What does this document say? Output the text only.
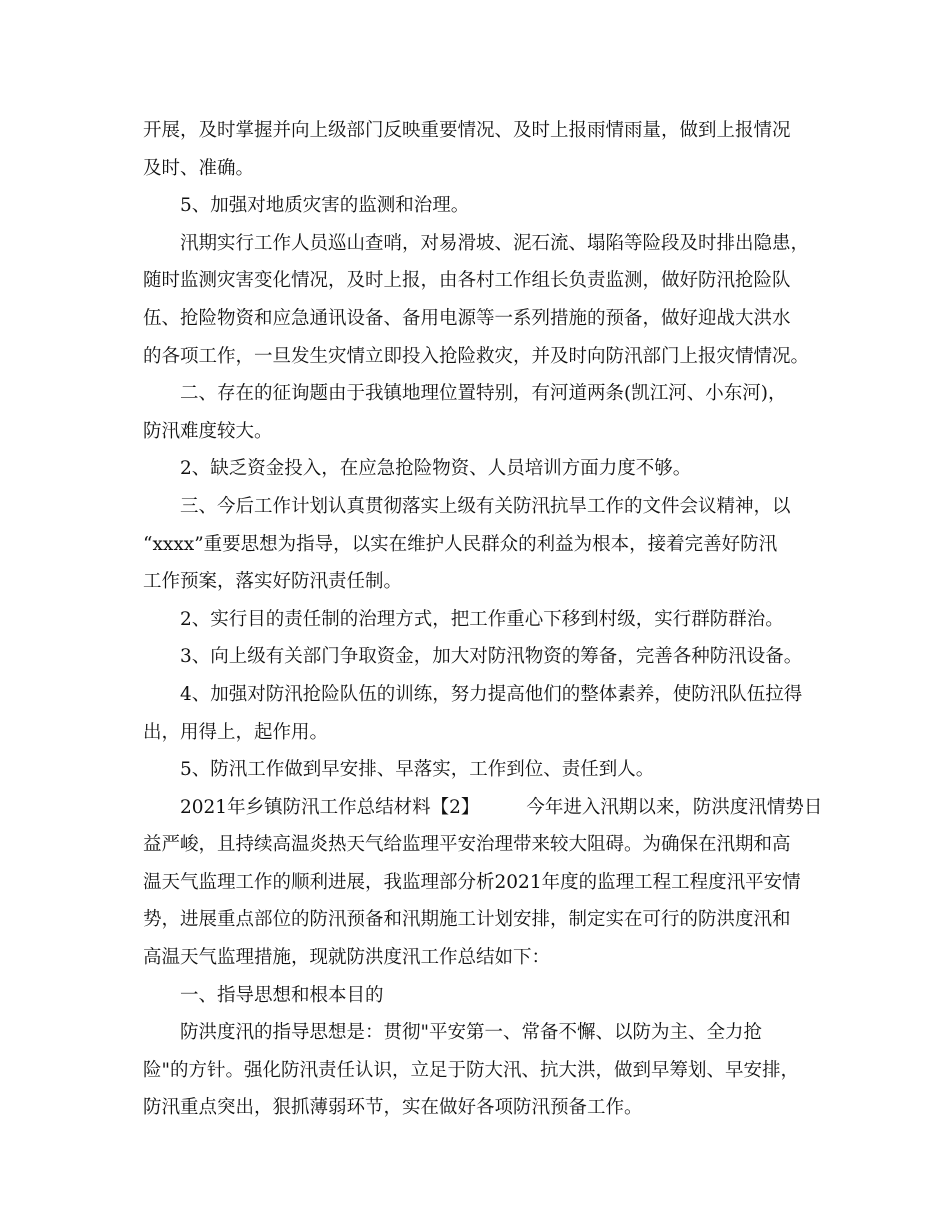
开展，及时掌握并向上级部门反映重要情况、及时上报雨情雨量，做到上报情况
及时、准确。
5、加强对地质灾害的监测和治理。
汛期实行工作人员巡山查哨，对易滑坡、泥石流、塌陷等险段及时排出隐患，
随时监测灾害变化情况，及时上报，由各村工作组长负责监测，做好防汛抢险队
伍、抢险物资和应急通讯设备、备用电源等一系列措施的预备，做好迎战大洪水
的各项工作，一旦发生灾情立即投入抢险救灾，并及时向防汛部门上报灾情情况。
二、存在的征询题由于我镇地理位置特别，有河道两条(凯江河、小东河)，
防汛难度较大。
2、缺乏资金投入，在应急抢险物资、人员培训方面力度不够。
三、今后工作计划认真贯彻落实上级有关防汛抗旱工作的文件会议精神，以
“xxxx”重要思想为指导，以实在维护人民群众的利益为根本，接着完善好防汛
工作预案，落实好防汛责任制。
2、实行目的责任制的治理方式，把工作重心下移到村级，实行群防群治。
3、向上级有关部门争取资金，加大对防汛物资的筹备，完善各种防汛设备。
4、加强对防汛抢险队伍的训练，努力提高他们的整体素养，使防汛队伍拉得
出，用得上，起作用。
5、防汛工作做到早安排、早落实，工作到位、责任到人。
2021年乡镇防汛工作总结材料【2】        今年进入汛期以来，防洪度汛情势日
益严峻，且持续高温炎热天气给监理平安治理带来较大阻碍。为确保在汛期和高
温天气监理工作的顺利进展，我监理部分析2021年度的监理工程工程度汛平安情
势，进展重点部位的防汛预备和汛期施工计划安排，制定实在可行的防洪度汛和
高温天气监理措施，现就防洪度汛工作总结如下：
一、指导思想和根本目的
防洪度汛的指导思想是：贯彻"平安第一、常备不懈、以防为主、全力抢
险"的方针。强化防汛责任认识，立足于防大汛、抗大洪，做到早筹划、早安排，
防汛重点突出，狠抓薄弱环节，实在做好各项防汛预备工作。
